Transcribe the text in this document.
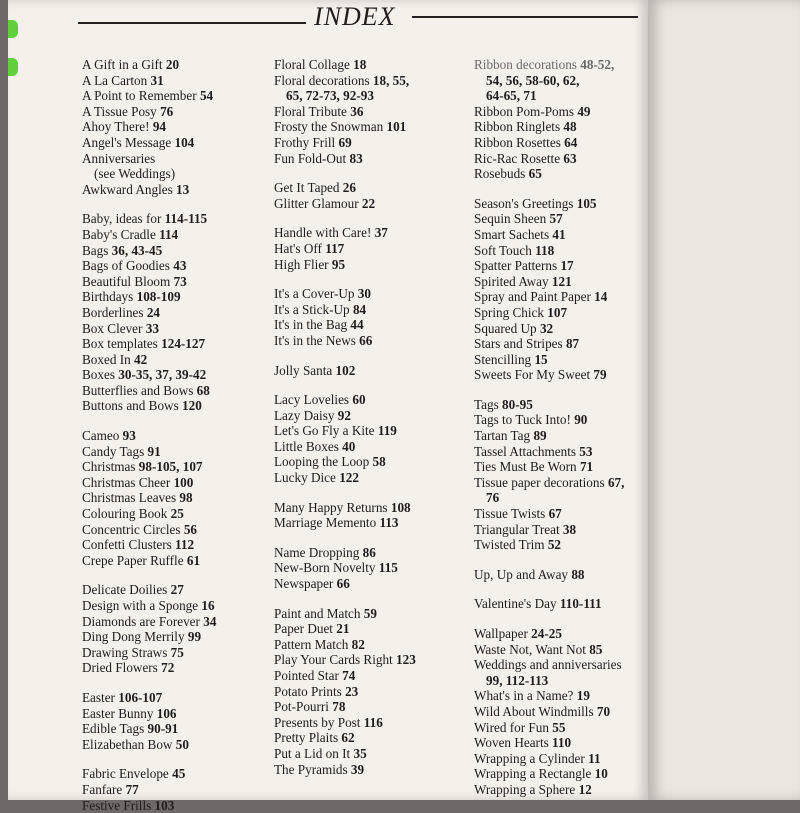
INDEX
A Gift in a Gift 20
A La Carton 31
A Point to Remember 54
A Tissue Posy 76
Ahoy There! 94
Angel's Message 104
Anniversaries
(see Weddings)
Awkward Angles 13
Baby, ideas for 114-115
Baby's Cradle 114
Bags 36, 43-45
Bags of Goodies 43
Beautiful Bloom 73
Birthdays 108-109
Borderlines 24
Box Clever 33
Box templates 124-127
Boxed In 42
Boxes 30-35, 37, 39-42
Butterflies and Bows 68
Buttons and Bows 120
Cameo 93
Candy Tags 91
Christmas 98-105, 107
Christmas Cheer 100
Christmas Leaves 98
Colouring Book 25
Concentric Circles 56
Confetti Clusters 112
Crepe Paper Ruffle 61
Delicate Doilies 27
Design with a Sponge 16
Diamonds are Forever 34
Ding Dong Merrily 99
Drawing Straws 75
Dried Flowers 72
Easter 106-107
Easter Bunny 106
Edible Tags 90-91
Elizabethan Bow 50
Fabric Envelope 45
Fanfare 77
Festive Frills 103
Floral Collage 18
Floral decorations 18, 55,
65, 72-73, 92-93
Floral Tribute 36
Frosty the Snowman 101
Frothy Frill 69
Fun Fold-Out 83
Get It Taped 26
Glitter Glamour 22
Handle with Care! 37
Hat's Off 117
High Flier 95
It's a Cover-Up 30
It's a Stick-Up 84
It's in the Bag 44
It's in the News 66
Jolly Santa 102
Lacy Lovelies 60
Lazy Daisy 92
Let's Go Fly a Kite 119
Little Boxes 40
Looping the Loop 58
Lucky Dice 122
Many Happy Returns 108
Marriage Memento 113
Name Dropping 86
New-Born Novelty 115
Newspaper 66
Paint and Match 59
Paper Duet 21
Pattern Match 82
Play Your Cards Right 123
Pointed Star 74
Potato Prints 23
Pot-Pourri 78
Presents by Post 116
Pretty Plaits 62
Put a Lid on It 35
The Pyramids 39
Ribbon decorations 48-52,
54, 56, 58-60, 62,
64-65, 71
Ribbon Pom-Poms 49
Ribbon Ringlets 48
Ribbon Rosettes 64
Ric-Rac Rosette 63
Rosebuds 65
Season's Greetings 105
Sequin Sheen 57
Smart Sachets 41
Soft Touch 118
Spatter Patterns 17
Spirited Away 121
Spray and Paint Paper 14
Spring Chick 107
Squared Up 32
Stars and Stripes 87
Stencilling 15
Sweets For My Sweet 79
Tags 80-95
Tags to Tuck Into! 90
Tartan Tag 89
Tassel Attachments 53
Ties Must Be Worn 71
Tissue paper decorations 67,
76
Tissue Twists 67
Triangular Treat 38
Twisted Trim 52
Up, Up and Away 88
Valentine's Day 110-111
Wallpaper 24-25
Waste Not, Want Not 85
Weddings and anniversaries
99, 112-113
What's in a Name? 19
Wild About Windmills 70
Wired for Fun 55
Woven Hearts 110
Wrapping a Cylinder 11
Wrapping a Rectangle 10
Wrapping a Sphere 12
